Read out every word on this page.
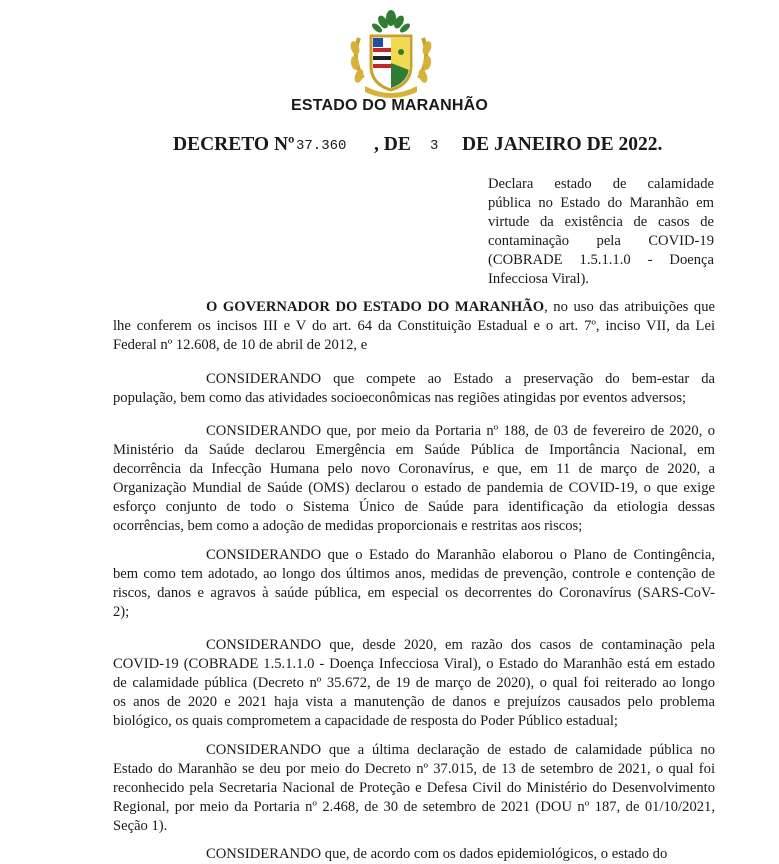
ESTADO DO MARANHÃO
DECRETO Nº 37.360 , DE 3 DE JANEIRO DE 2022.
Declara estado de calamidade
pública no Estado do Maranhão em
virtude da existência de casos de
contaminação pela COVID-19
(COBRADE 1.5.1.1.0 - Doença
Infecciosa Viral).
O GOVERNADOR DO ESTADO DO MARANHÃO, no uso das atribuições que
lhe conferem os incisos III e V do art. 64 da Constituição Estadual e o art. 7º, inciso VII, da Lei
Federal nº 12.608, de 10 de abril de 2012, e
CONSIDERANDO que compete ao Estado a preservação do bem-estar da
população, bem como das atividades socioeconômicas nas regiões atingidas por eventos adversos;
CONSIDERANDO que, por meio da Portaria nº 188, de 03 de fevereiro de 2020, o
Ministério da Saúde declarou Emergência em Saúde Pública de Importância Nacional, em
decorrência da Infecção Humana pelo novo Coronavírus, e que, em 11 de março de 2020, a
Organização Mundial de Saúde (OMS) declarou o estado de pandemia de COVID-19, o que exige
esforço conjunto de todo o Sistema Único de Saúde para identificação da etiologia dessas
ocorrências, bem como a adoção de medidas proporcionais e restritas aos riscos;
CONSIDERANDO que o Estado do Maranhão elaborou o Plano de Contingência,
bem como tem adotado, ao longo dos últimos anos, medidas de prevenção, controle e contenção de
riscos, danos e agravos à saúde pública, em especial os decorrentes do Coronavírus (SARS-CoV-
2);
CONSIDERANDO que, desde 2020, em razão dos casos de contaminação pela
COVID-19 (COBRADE 1.5.1.1.0 - Doença Infecciosa Viral), o Estado do Maranhão está em estado
de calamidade pública (Decreto nº 35.672, de 19 de março de 2020), o qual foi reiterado ao longo
os anos de 2020 e 2021 haja vista a manutenção de danos e prejuízos causados pelo problema
biológico, os quais comprometem a capacidade de resposta do Poder Público estadual;
CONSIDERANDO que a última declaração de estado de calamidade pública no
Estado do Maranhão se deu por meio do Decreto nº 37.015, de 13 de setembro de 2021, o qual foi
reconhecido pela Secretaria Nacional de Proteção e Defesa Civil do Ministério do Desenvolvimento
Regional, por meio da Portaria nº 2.468, de 30 de setembro de 2021 (DOU nº 187, de 01/10/2021,
Seção 1).
CONSIDERANDO que, de acordo com os dados epidemiológicos, o estado do
